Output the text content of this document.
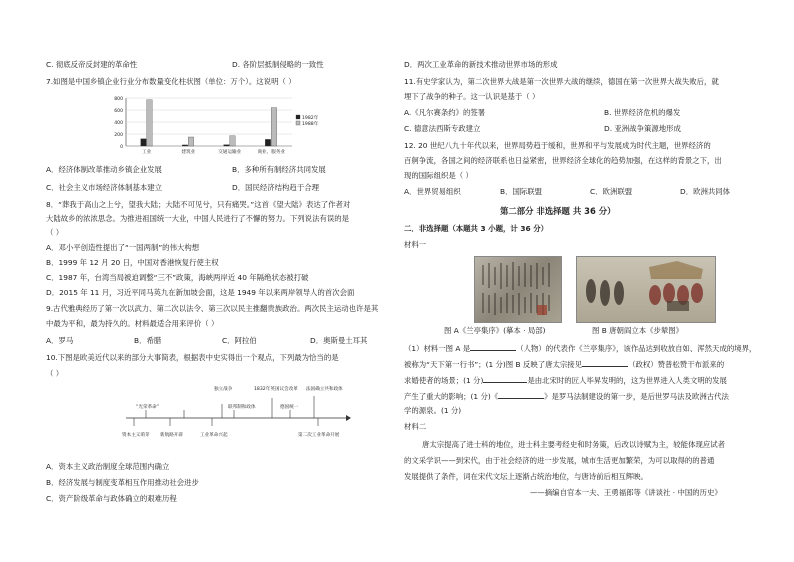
C. 彻底反帝反封建的革命性	D. 各阶层抵制侵略的一致性
7.如图是中国乡镇企业行业分布数量变化柱状图（单位：万个）。这说明（ ）
800
600
400
200
0
工业	建筑业	交通运输业	商业、服务业
1982年
1988年
A．经济体制改革推动乡镇企业发展	B．多种所有制经济共同发展
C．社会主义市场经济体制基本建立	D．国民经济结构趋于合理
8．“葬我于高山之上兮，望我大陆；大陆不可见兮，只有痛哭。”这首《望大陆》表达了作者对
大陆故乡的浓浓思念。为推进祖国统一大业，中国人民进行了不懈的努力。下列说法有误的是
（ ）
A．邓小平创造性提出了“一国两制”的伟大构想
B．1999 年 12 月 20 日，中国对香港恢复行使主权
C．1987 年，台湾当局被迫调整“三不”政策，海峡两岸近 40 年隔绝状态被打破
D．2015 年 11 月，习近平同马英九在新加坡会面，这是 1949 年以来两岸领导人的首次会面
9.古代雅典经历了第一次以武力、第二次以法令、第三次以民主推翻贵族政治。两次民主运动也许是其
中最为平和，最为持久的。材料最适合用来评价（ ）
A．罗马	B．希腊	C．阿拉伯	D．奥斯曼土耳其
10.下图是欧美近代以来的部分大事简表，根据表中史实得出一个观点，下列最为恰当的是
（ ）
“光荣革命”
独立战争	1832年英国议会改革 法国确立共和政体
联邦制和政体	德国统一
资本主义萌芽 新航路开辟	工业革命兴起	第二次工业革命开展
A．资本主义政治制度全球范围内确立
B．经济发展与制度变革相互作用推动社会进步
C．资产阶级革命与政体确立的艰难历程
D．两次工业革命的新技术推动世界市场的形成
11.有史学家认为，第二次世界大战是第一次世界大战的继续，德国在第一次世界大战失败后，就
埋下了战争的种子。这一认识是基于（ ）
A.《凡尔赛条约》的签署	B. 世界经济危机的爆发
C. 德意法西斯专政建立	D. 亚洲战争策源地形成
12. 20 世纪八九十年代以来，世界局势趋于缓和，世界和平与发展成为时代主题，世界经济的
百舸争流，各国之间的经济联系也日益紧密，世界经济全球化的趋势加强，在这样的背景之下，出
现的国际组织是（ ）
A．世界贸易组织	B．国际联盟	C．欧洲联盟	D．欧洲共同体
第二部分 非选择题 共 36 分）
二．非选择题（本题共 3 小题，计 36 分）
材料一
图 A《兰亭集序》(摹本 · 局部)	图 B 唐朝阎立本《步辇图》
（1）材料一图 A 是	（人物）的代表作《兰亭集序》，该作品达到收放自如、浑然天成的境界，
被称为“天下第一行书”；(1 分)图 B 反映了唐太宗接见	（政权）赞普松赞干布派来的
求婚使者的场景；(1 分)	是由北宋时的匠人毕昇发明的，这为世界进入人类文明的发展
产生了重大的影响；(1 分)《	》是罗马法制建设的第一步，是后世罗马法及欧洲古代法
学的源泉。(1 分)
材料二
唐太宗提高了进士科的地位，进士科主要考经史和时务策，后改以诗赋为主，较能体现应试者
的文采学识——到宋代，由于社会经济的进一步发展，城市生活更加繁荣，为可以取得的的普通
发展提供了条件，词在宋代文坛上逐渐占统治地位，与唐诗前后相互辉映。
——摘编自官本一夫、王勇福郎等《讲谈社 · 中国的历史》
